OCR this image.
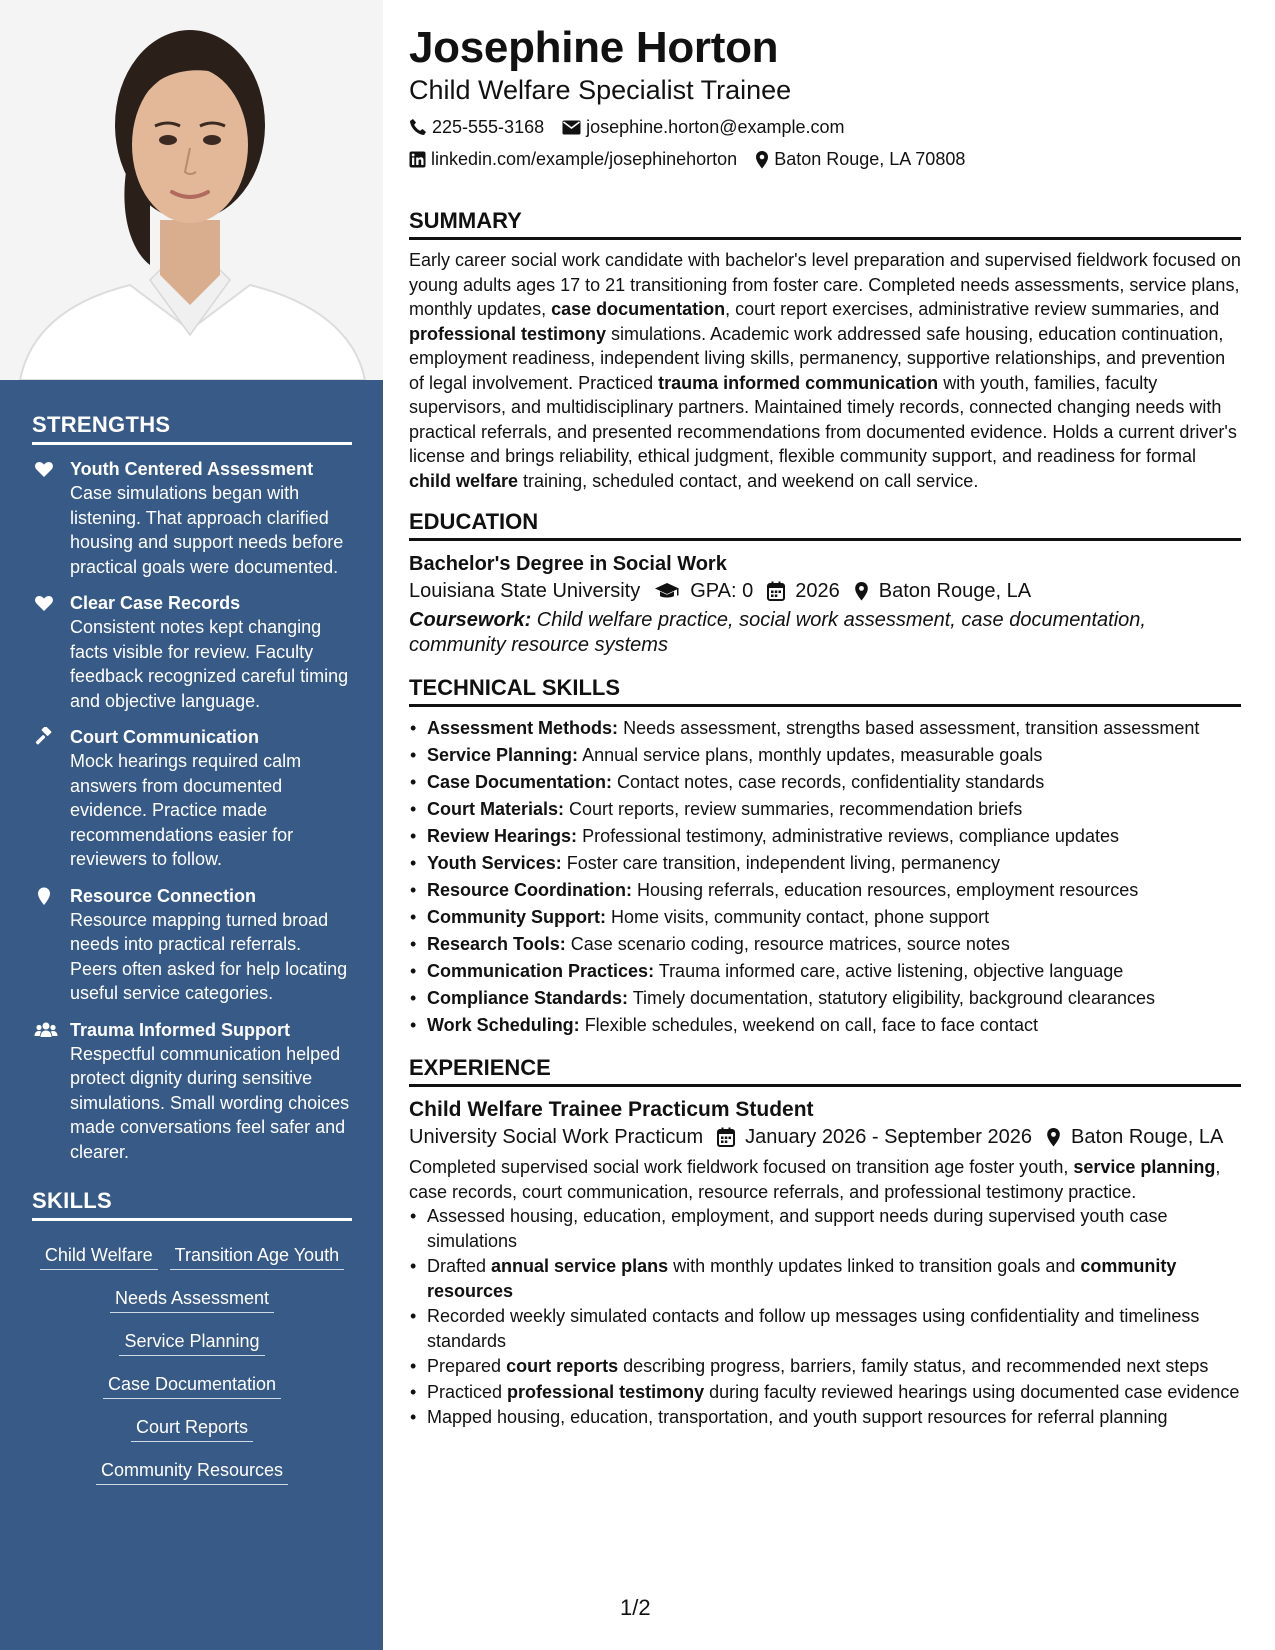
STRENGTHS
Youth Centered Assessment
Case simulations began with listening. That approach clarified housing and support needs before practical goals were documented.
Clear Case Records
Consistent notes kept changing facts visible for review. Faculty feedback recognized careful timing and objective language.
Court Communication
Mock hearings required calm answers from documented evidence. Practice made recommendations easier for reviewers to follow.
Resource Connection
Resource mapping turned broad needs into practical referrals. Peers often asked for help locating useful service categories.
Trauma Informed Support
Respectful communication helped protect dignity during sensitive simulations. Small wording choices made conversations feel safer and clearer.
SKILLS
Child Welfare Transition Age Youth
Needs Assessment
Service Planning
Case Documentation
Court Reports
Community Resources
Josephine Horton
Child Welfare Specialist Trainee
225-555-3168 josephine.horton@example.com
linkedin.com/example/josephinehorton Baton Rouge, LA 70808
SUMMARY
Early career social work candidate with bachelor's level preparation and supervised fieldwork focused on young adults ages 17 to 21 transitioning from foster care. Completed needs assessments, service plans, monthly updates, case documentation, court report exercises, administrative review summaries, and professional testimony simulations. Academic work addressed safe housing, education continuation, employment readiness, independent living skills, permanency, supportive relationships, and prevention of legal involvement. Practiced trauma informed communication with youth, families, faculty supervisors, and multidisciplinary partners. Maintained timely records, connected changing needs with practical referrals, and presented recommendations from documented evidence. Holds a current driver's license and brings reliability, ethical judgment, flexible community support, and readiness for formal child welfare training, scheduled contact, and weekend on call service.
EDUCATION
Bachelor's Degree in Social Work
Louisiana State University	GPA: 0 2026 Baton Rouge, LA
Coursework: Child welfare practice, social work assessment, case documentation, community resource systems
TECHNICAL SKILLS
• Assessment Methods: Needs assessment, strengths based assessment, transition assessment
• Service Planning: Annual service plans, monthly updates, measurable goals
• Case Documentation: Contact notes, case records, confidentiality standards
• Court Materials: Court reports, review summaries, recommendation briefs
• Review Hearings: Professional testimony, administrative reviews, compliance updates
• Youth Services: Foster care transition, independent living, permanency
• Resource Coordination: Housing referrals, education resources, employment resources
• Community Support: Home visits, community contact, phone support
• Research Tools: Case scenario coding, resource matrices, source notes
• Communication Practices: Trauma informed care, active listening, objective language
• Compliance Standards: Timely documentation, statutory eligibility, background clearances
• Work Scheduling: Flexible schedules, weekend on call, face to face contact
EXPERIENCE
Child Welfare Trainee Practicum Student
University Social Work Practicum January 2026 - September 2026 Baton Rouge, LA
Completed supervised social work fieldwork focused on transition age foster youth, service planning, case records, court communication, resource referrals, and professional testimony practice.
• Assessed housing, education, employment, and support needs during supervised youth case simulations
• Drafted annual service plans with monthly updates linked to transition goals and community resources
• Recorded weekly simulated contacts and follow up messages using confidentiality and timeliness standards
• Prepared court reports describing progress, barriers, family status, and recommended next steps
• Practiced professional testimony during faculty reviewed hearings using documented case evidence
• Mapped housing, education, transportation, and youth support resources for referral planning
1/2
